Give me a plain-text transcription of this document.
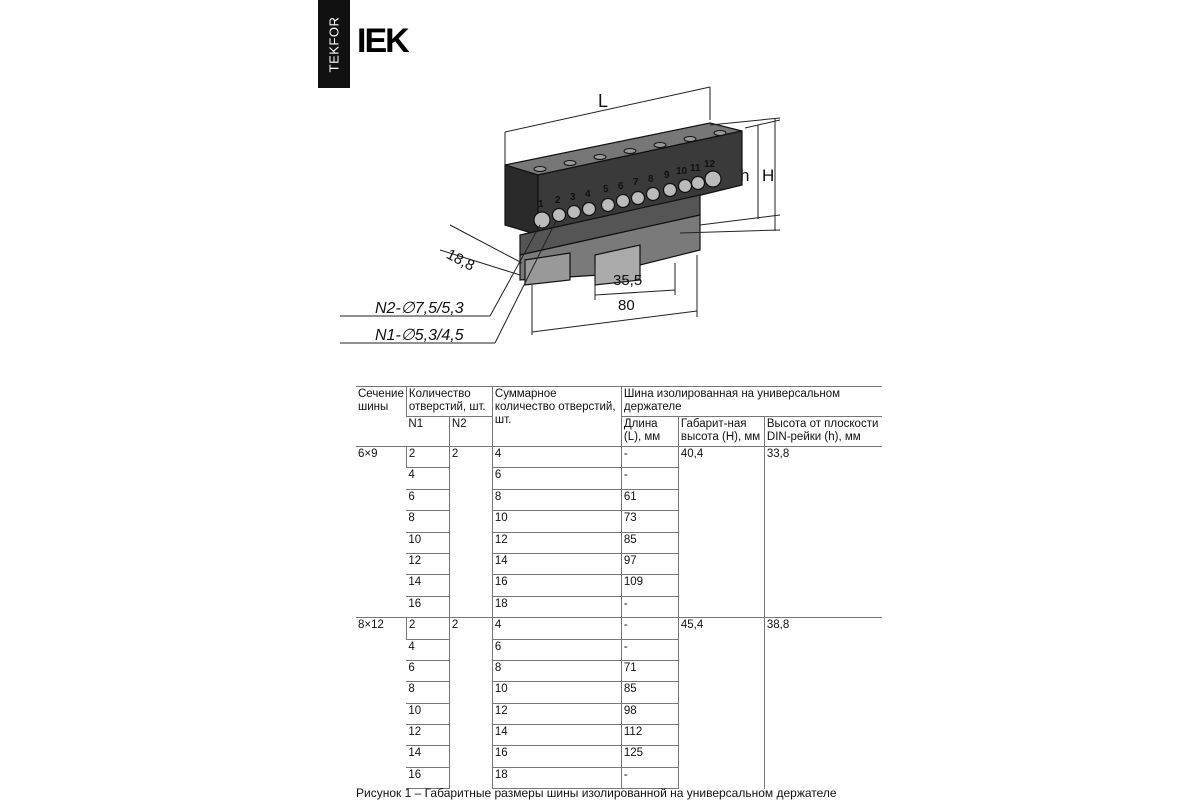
TEKFOR IEK
L
1 2 3 4 5 6 7 8 9 10 11 12
h H
18,8
35,5
80
N2-∅7,5/5,3
N1-∅5,3/4,5
Сечение шины	Количество отверстий, шт.		Суммарное количество отверстий, шт.	Шина изолированная на универсальном держателе		
	N1	N2		Длина (L), мм	Габарит-ная высота (H), мм	Высота от плоскости DIN-рейки (h), мм
6×9	2	2	4	-	40,4	33,8
	4		6	-		
	6		8	61		
	8		10	73		
	10		12	85		
	12		14	97		
	14		16	109		
	16		18	-		
8×12	2	2	4	-	45,4	38,8
	4		6	-		
	6		8	71		
	8		10	85		
	10		12	98		
	12		14	112		
	14		16	125		
	16		18	-		
Рисунок 1 – Габаритные размеры шины изолированной на универсальном держателе
